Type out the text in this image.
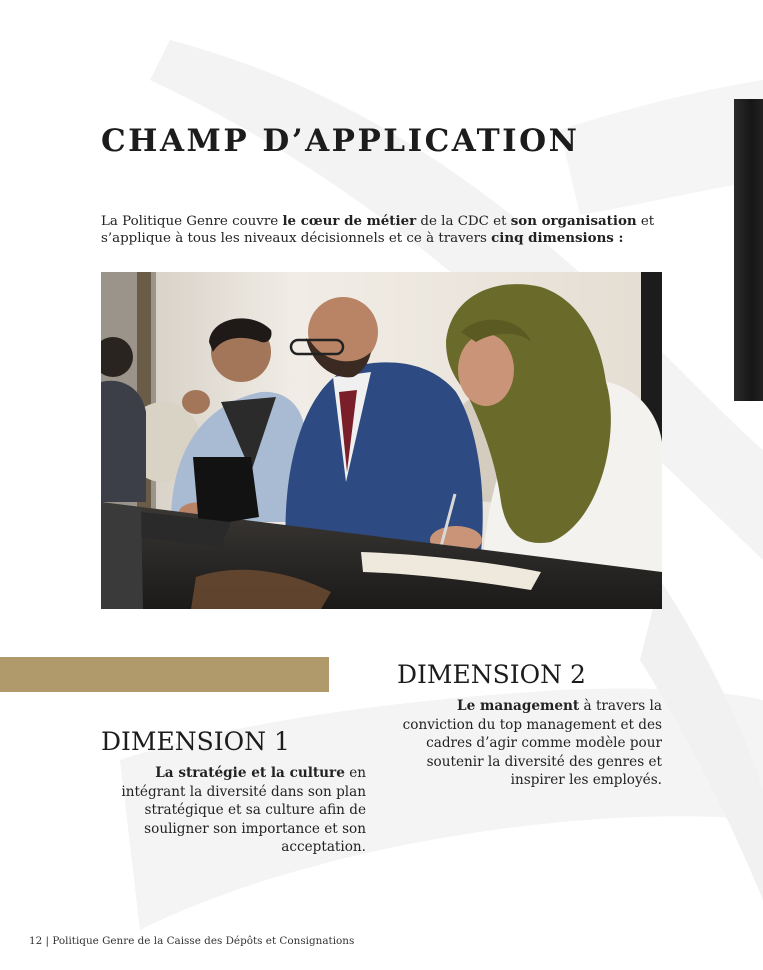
CHAMP D’APPLICATION

La Politique Genre couvre le cœur de métier de la CDC et son organisation et s’applique à tous les niveaux décisionnels et ce à travers cinq dimensions :

DIMENSION 2

Le management à travers la conviction du top management et des cadres d’agir comme modèle pour soutenir la diversité des genres et inspirer les employés.

DIMENSION 1

La stratégie et la culture en intégrant la diversité dans son plan stratégique et sa culture afin de souligner son importance et son acceptation.

12 | Politique Genre de la Caisse des Dépôts et Consignations
